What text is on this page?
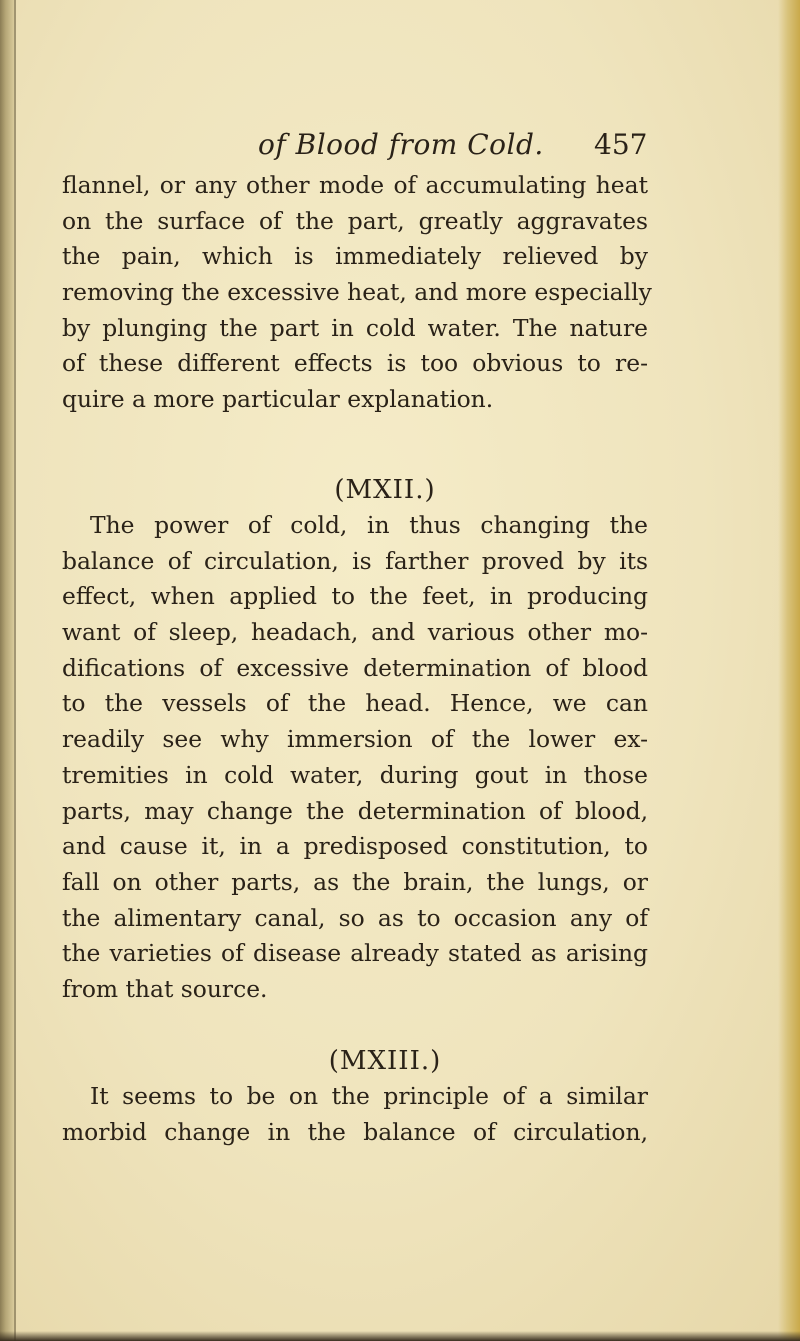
of Blood from Cold. 457
flannel, or any other mode of accumulating heat
on the surface of the part, greatly aggravates
the pain, which is immediately relieved by
removing the excessive heat, and more especially
by plunging the part in cold water. The nature
of these different effects is too obvious to re-
quire a more particular explanation.
(MXII.)
The power of cold, in thus changing the
balance of circulation, is farther proved by its
effect, when applied to the feet, in producing
want of sleep, headach, and various other mo-
difications of excessive determination of blood
to the vessels of the head. Hence, we can
readily see why immersion of the lower ex-
tremities in cold water, during gout in those
parts, may change the determination of blood,
and cause it, in a predisposed constitution, to
fall on other parts, as the brain, the lungs, or
the alimentary canal, so as to occasion any of
the varieties of disease already stated as arising
from that source.
(MXIII.)
It seems to be on the principle of a similar
morbid change in the balance of circulation,
